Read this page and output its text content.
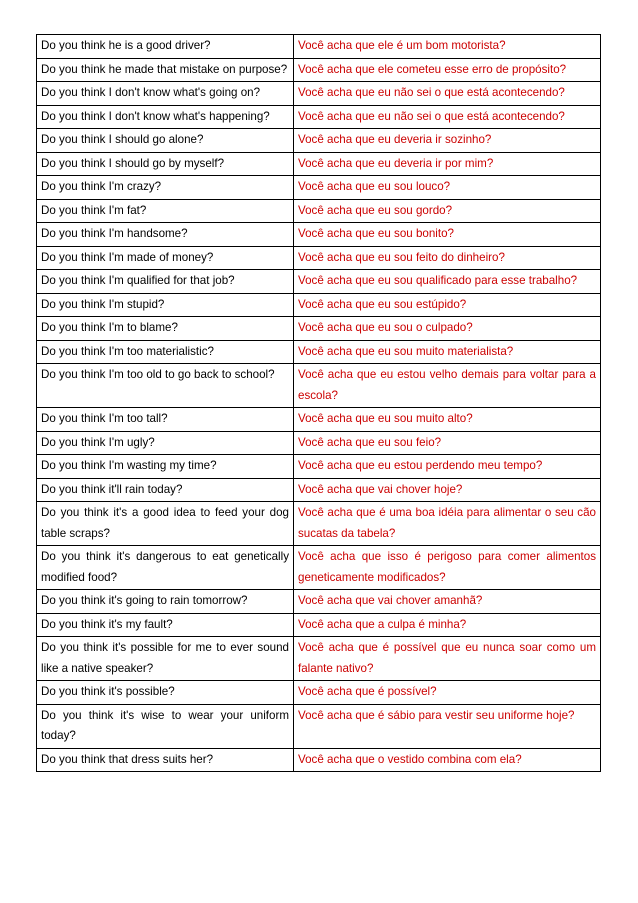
Do you think he is a good driver?	Você acha que ele é um bom motorista?
Do you think he made that mistake on purpose?	Você acha que ele cometeu esse erro de propósito?
Do you think I don't know what's going on?	Você acha que eu não sei o que está acontecendo?
Do you think I don't know what's happening?	Você acha que eu não sei o que está acontecendo?
Do you think I should go alone?	Você acha que eu deveria ir sozinho?
Do you think I should go by myself?	Você acha que eu deveria ir por mim?
Do you think I'm crazy?	Você acha que eu sou louco?
Do you think I'm fat?	Você acha que eu sou gordo?
Do you think I'm handsome?	Você acha que eu sou bonito?
Do you think I'm made of money?	Você acha que eu sou feito do dinheiro?
Do you think I'm qualified for that job?	Você acha que eu sou qualificado para esse trabalho?
Do you think I'm stupid?	Você acha que eu sou estúpido?
Do you think I'm to blame?	Você acha que eu sou o culpado?
Do you think I'm too materialistic?	Você acha que eu sou muito materialista?
Do you think I'm too old to go back to school?	Você acha que eu estou velho demais para voltar para a escola?
Do you think I'm too tall?	Você acha que eu sou muito alto?
Do you think I'm ugly?	Você acha que eu sou feio?
Do you think I'm wasting my time?	Você acha que eu estou perdendo meu tempo?
Do you think it'll rain today?	Você acha que vai chover hoje?
Do you think it's a good idea to feed your dog table scraps?	Você acha que é uma boa idéia para alimentar o seu cão sucatas da tabela?
Do you think it's dangerous to eat genetically modified food?	Você acha que isso é perigoso para comer alimentos geneticamente modificados?
Do you think it's going to rain tomorrow?	Você acha que vai chover amanhã?
Do you think it's my fault?	Você acha que a culpa é minha?
Do you think it's possible for me to ever sound like a native speaker?	Você acha que é possível que eu nunca soar como um falante nativo?
Do you think it's possible?	Você acha que é possível?
Do you think it's wise to wear your uniform today?	Você acha que é sábio para vestir seu uniforme hoje?
Do you think that dress suits her?	Você acha que o vestido combina com ela?
